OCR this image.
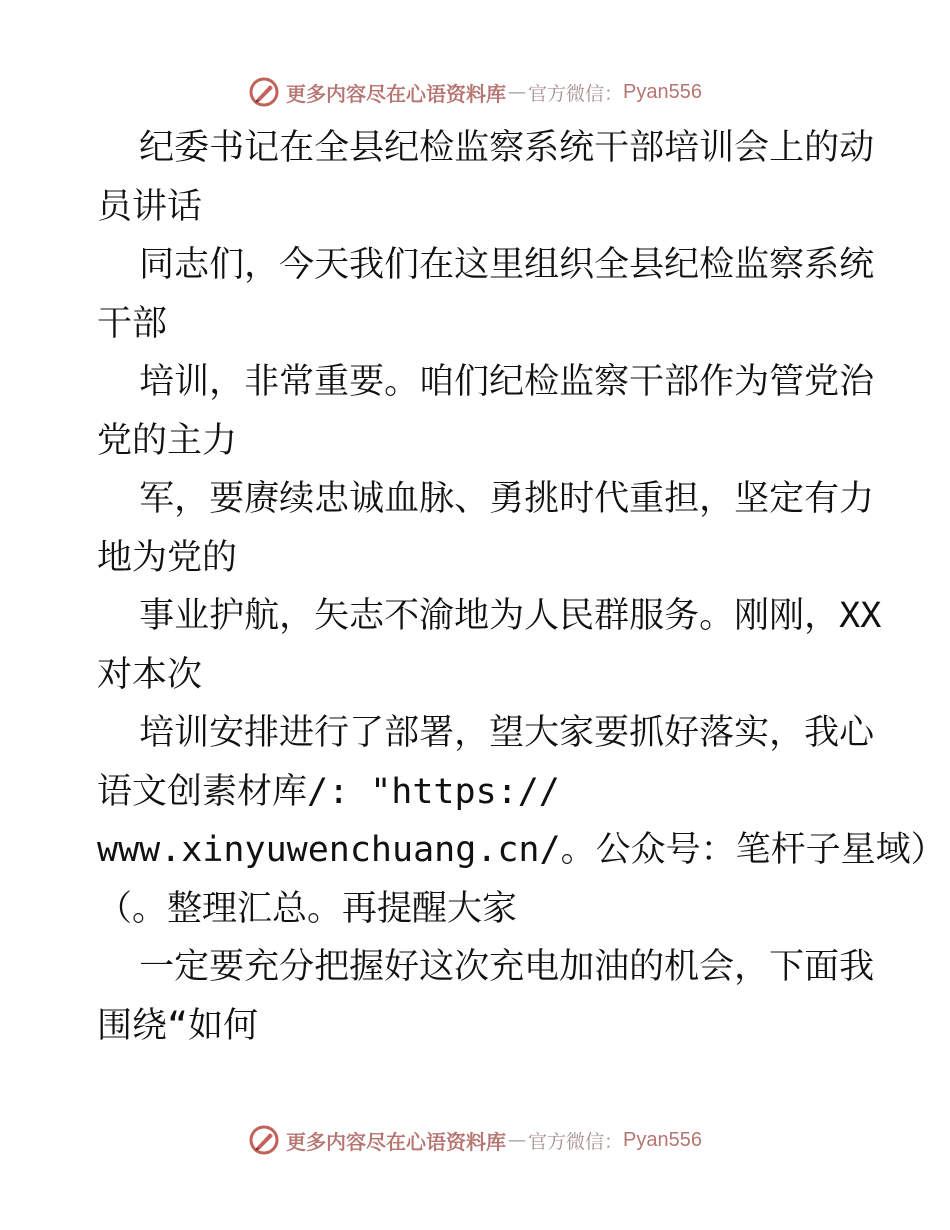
更多内容尽在心语资料库 — 官方微信： Pyan556
纪委书记在全县纪检监察系统干部培训会上的动
员讲话
同志们，今天我们在这里组织全县纪检监察系统
干部
培训，非常重要。咱们纪检监察干部作为管党治
党的主力
军，要赓续忠诚血脉、勇挑时代重担，坚定有力
地为党的
事业护航，矢志不渝地为人民群服务。刚刚，XX
对本次
培训安排进行了部署，望大家要抓好落实，我心
语文创素材库/: "https://
www.xinyuwenchuang.cn/。公众号：笔杆子星域）
（。整理汇总。再提醒大家
一定要充分把握好这次充电加油的机会，下面我
围绕“如何
更多内容尽在心语资料库 — 官方微信： Pyan556
